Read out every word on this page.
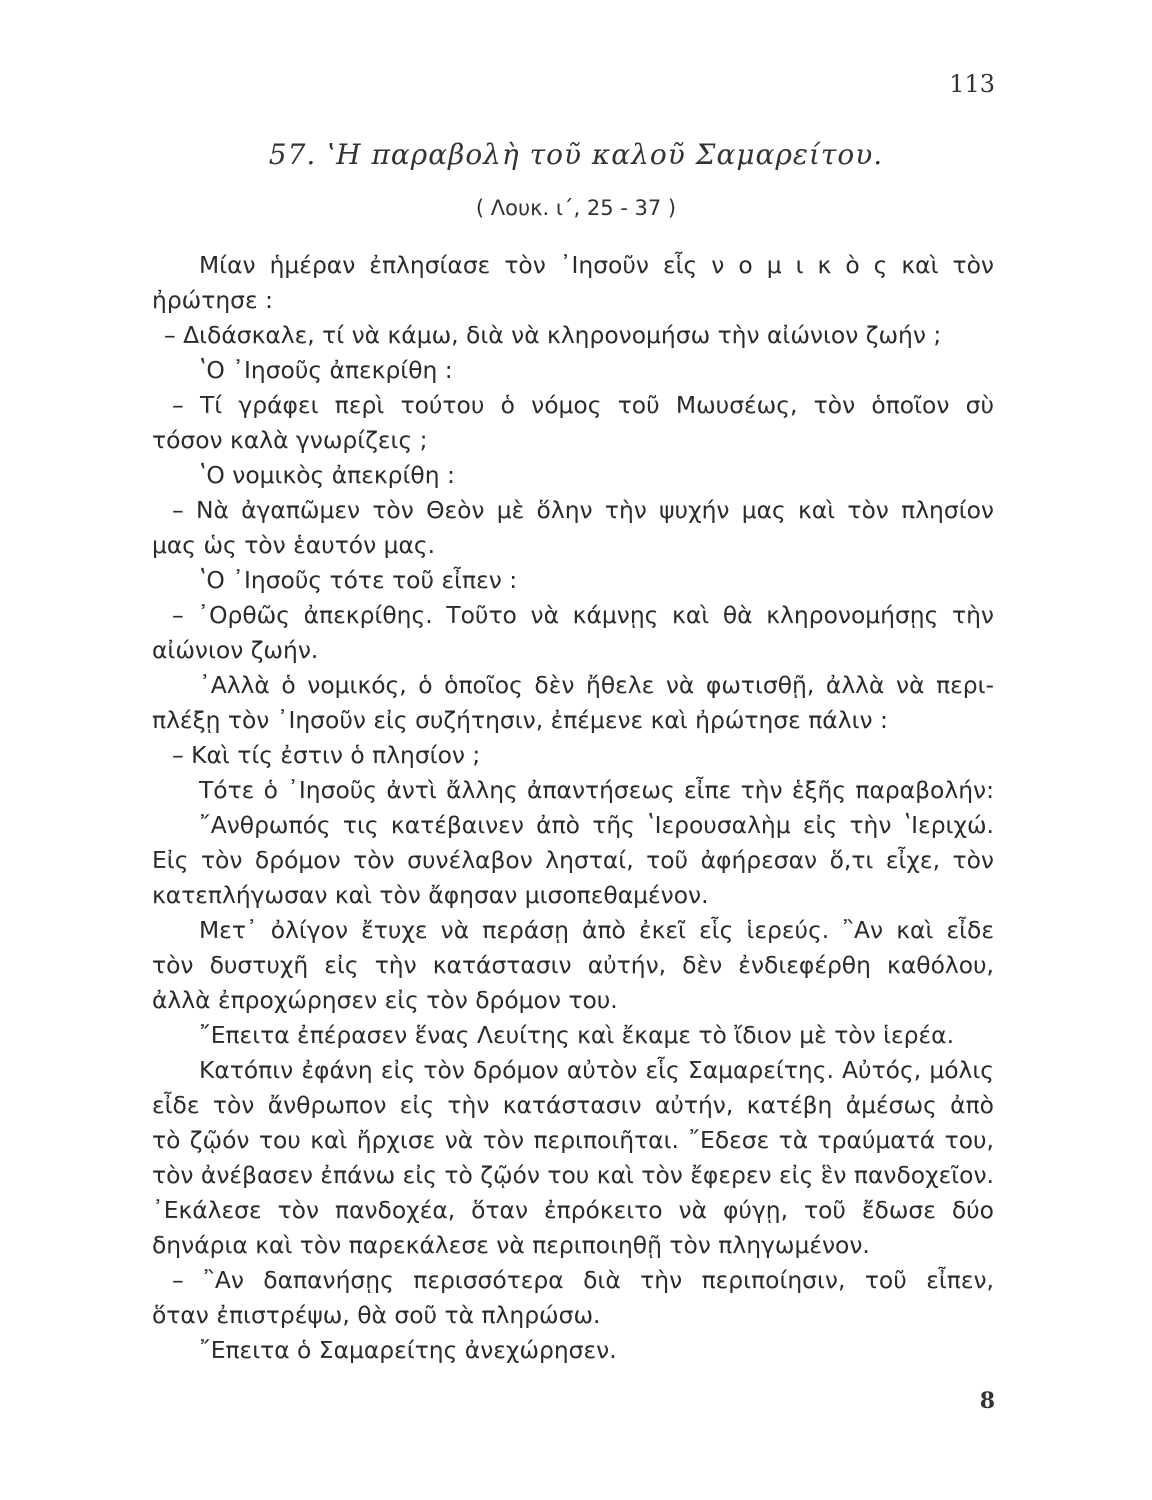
113
57. ʽΗ παραβολὴ τοῦ καλοῦ Σαμαρείτου.
( Λουκ. ι΄, 25 - 37 )
Μίαν ἡμέραν ἐπλησίασε τὸν ᾿Ιησοῦν εἷς ν ο μ ι κ ὸ ς καὶ τὸν
ἠρώτησε :
– Διδάσκαλε, τί νὰ κάμω, διὰ νὰ κληρονομήσω τὴν αἰώνιον ζωήν ;
ʽΟ ᾿Ιησοῦς ἀπεκρίθη :
– Τί γράφει περὶ τούτου ὁ νόμος τοῦ Μωυσέως, τὸν ὁποῖον σὺ
τόσον καλὰ γνωρίζεις ;
ʽΟ νομικὸς ἀπεκρίθη :
– Νὰ ἀγαπῶμεν τὸν Θεὸν μὲ ὅλην τὴν ψυχήν μας καὶ τὸν πλησίον
μας ὡς τὸν ἑαυτόν μας.
ʽΟ ᾿Ιησοῦς τότε τοῦ εἶπεν :
– ᾿Ορθῶς ἀπεκρίθης. Τοῦτο νὰ κάμνῃς καὶ θὰ κληρονομήσῃς τὴν
αἰώνιον ζωήν.
᾿Αλλὰ ὁ νομικός, ὁ ὁποῖος δὲν ἤθελε νὰ φωτισθῇ, ἀλλὰ νὰ περι-
πλέξῃ τὸν ᾿Ιησοῦν εἰς συζήτησιν, ἐπέμενε καὶ ἠρώτησε πάλιν :
– Καὶ τίς ἐστιν ὁ πλησίον ;
Τότε ὁ ᾿Ιησοῦς ἀντὶ ἄλλης ἀπαντήσεως εἶπε τὴν ἑξῆς παραβολήν:
῎Ανθρωπός τις κατέβαινεν ἀπὸ τῆς ʽΙερουσαλὴμ εἰς τὴν ʽΙεριχώ.
Εἰς τὸν δρόμον τὸν συνέλαβον λησταί, τοῦ ἀφήρεσαν ὅ,τι εἶχε, τὸν
κατεπλήγωσαν καὶ τὸν ἄφησαν μισοπεθαμένον.
Μετ᾿ ὀλίγον ἔτυχε νὰ περάσῃ ἀπὸ ἐκεῖ εἷς ἱερεύς. ῍Αν καὶ εἶδε
τὸν δυστυχῆ εἰς τὴν κατάστασιν αὐτήν, δὲν ἐνδιεφέρθη καθόλου,
ἀλλὰ ἐπροχώρησεν εἰς τὸν δρόμον του.
῎Επειτα ἐπέρασεν ἕνας Λευίτης καὶ ἔκαμε τὸ ἴδιον μὲ τὸν ἱερέα.
Κατόπιν ἐφάνη εἰς τὸν δρόμον αὐτὸν εἷς Σαμαρείτης. Αὐτός, μόλις
εἶδε τὸν ἄνθρωπον εἰς τὴν κατάστασιν αὐτήν, κατέβη ἀμέσως ἀπὸ
τὸ ζῷόν του καὶ ἤρχισε νὰ τὸν περιποιῆται. ῎Εδεσε τὰ τραύματά του,
τὸν ἀνέβασεν ἐπάνω εἰς τὸ ζῷόν του καὶ τὸν ἔφερεν εἰς ἓν πανδοχεῖον.
᾿Εκάλεσε τὸν πανδοχέα, ὅταν ἐπρόκειτο νὰ φύγῃ, τοῦ ἔδωσε δύο
δηνάρια καὶ τὸν παρεκάλεσε νὰ περιποιηθῇ τὸν πληγωμένον.
– ῍Αν δαπανήσῃς περισσότερα διὰ τὴν περιποίησιν, τοῦ εἶπεν,
ὅταν ἐπιστρέψω, θὰ σοῦ τὰ πληρώσω.
῎Επειτα ὁ Σαμαρείτης ἀνεχώρησεν.
8
